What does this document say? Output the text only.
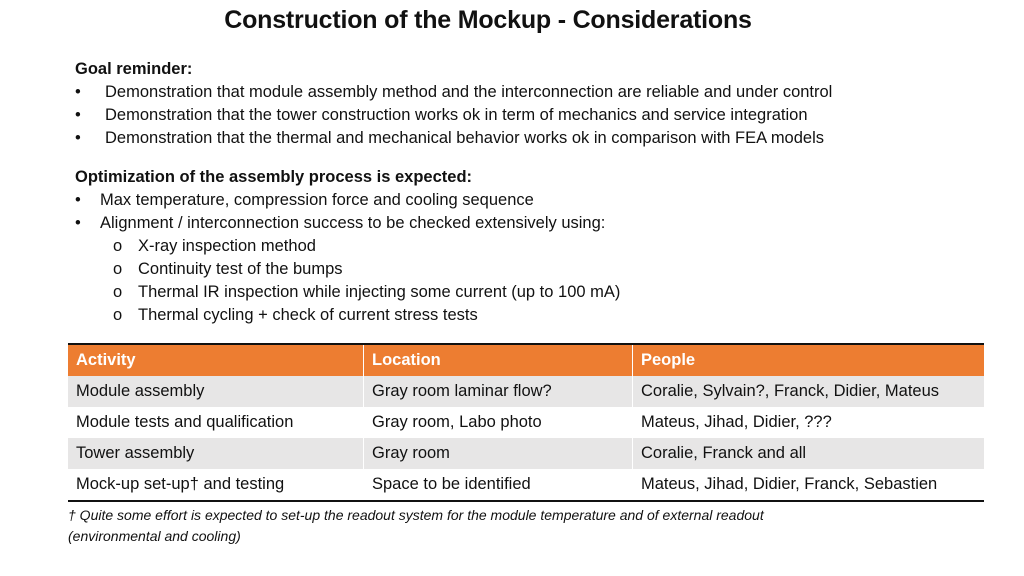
Construction of the Mockup - Considerations
Goal reminder:
•	Demonstration that module assembly method and the interconnection are reliable and under control
•	Demonstration that the tower construction works ok in term of mechanics and service integration
•	Demonstration that the thermal and mechanical behavior works ok in comparison with FEA models
Optimization of the assembly process is expected:
•	Max temperature, compression force and cooling sequence
•	Alignment / interconnection success to be checked extensively using:
o X-ray inspection method
o Continuity test of the bumps
o Thermal IR inspection while injecting some current (up to 100 mA)
o Thermal cycling + check of current stress tests
Activity	Location	People
Module assembly	Gray room laminar flow?	Coralie, Sylvain?, Franck, Didier, Mateus
Module tests and qualification	Gray room, Labo photo	Mateus, Jihad, Didier, ???
Tower assembly	Gray room	Coralie, Franck and all
Mock-up set-up† and testing	Space to be identified	Mateus, Jihad, Didier, Franck, Sebastien
† Quite some effort is expected to set-up the readout system for the module temperature and of external readout
(environmental and cooling)
